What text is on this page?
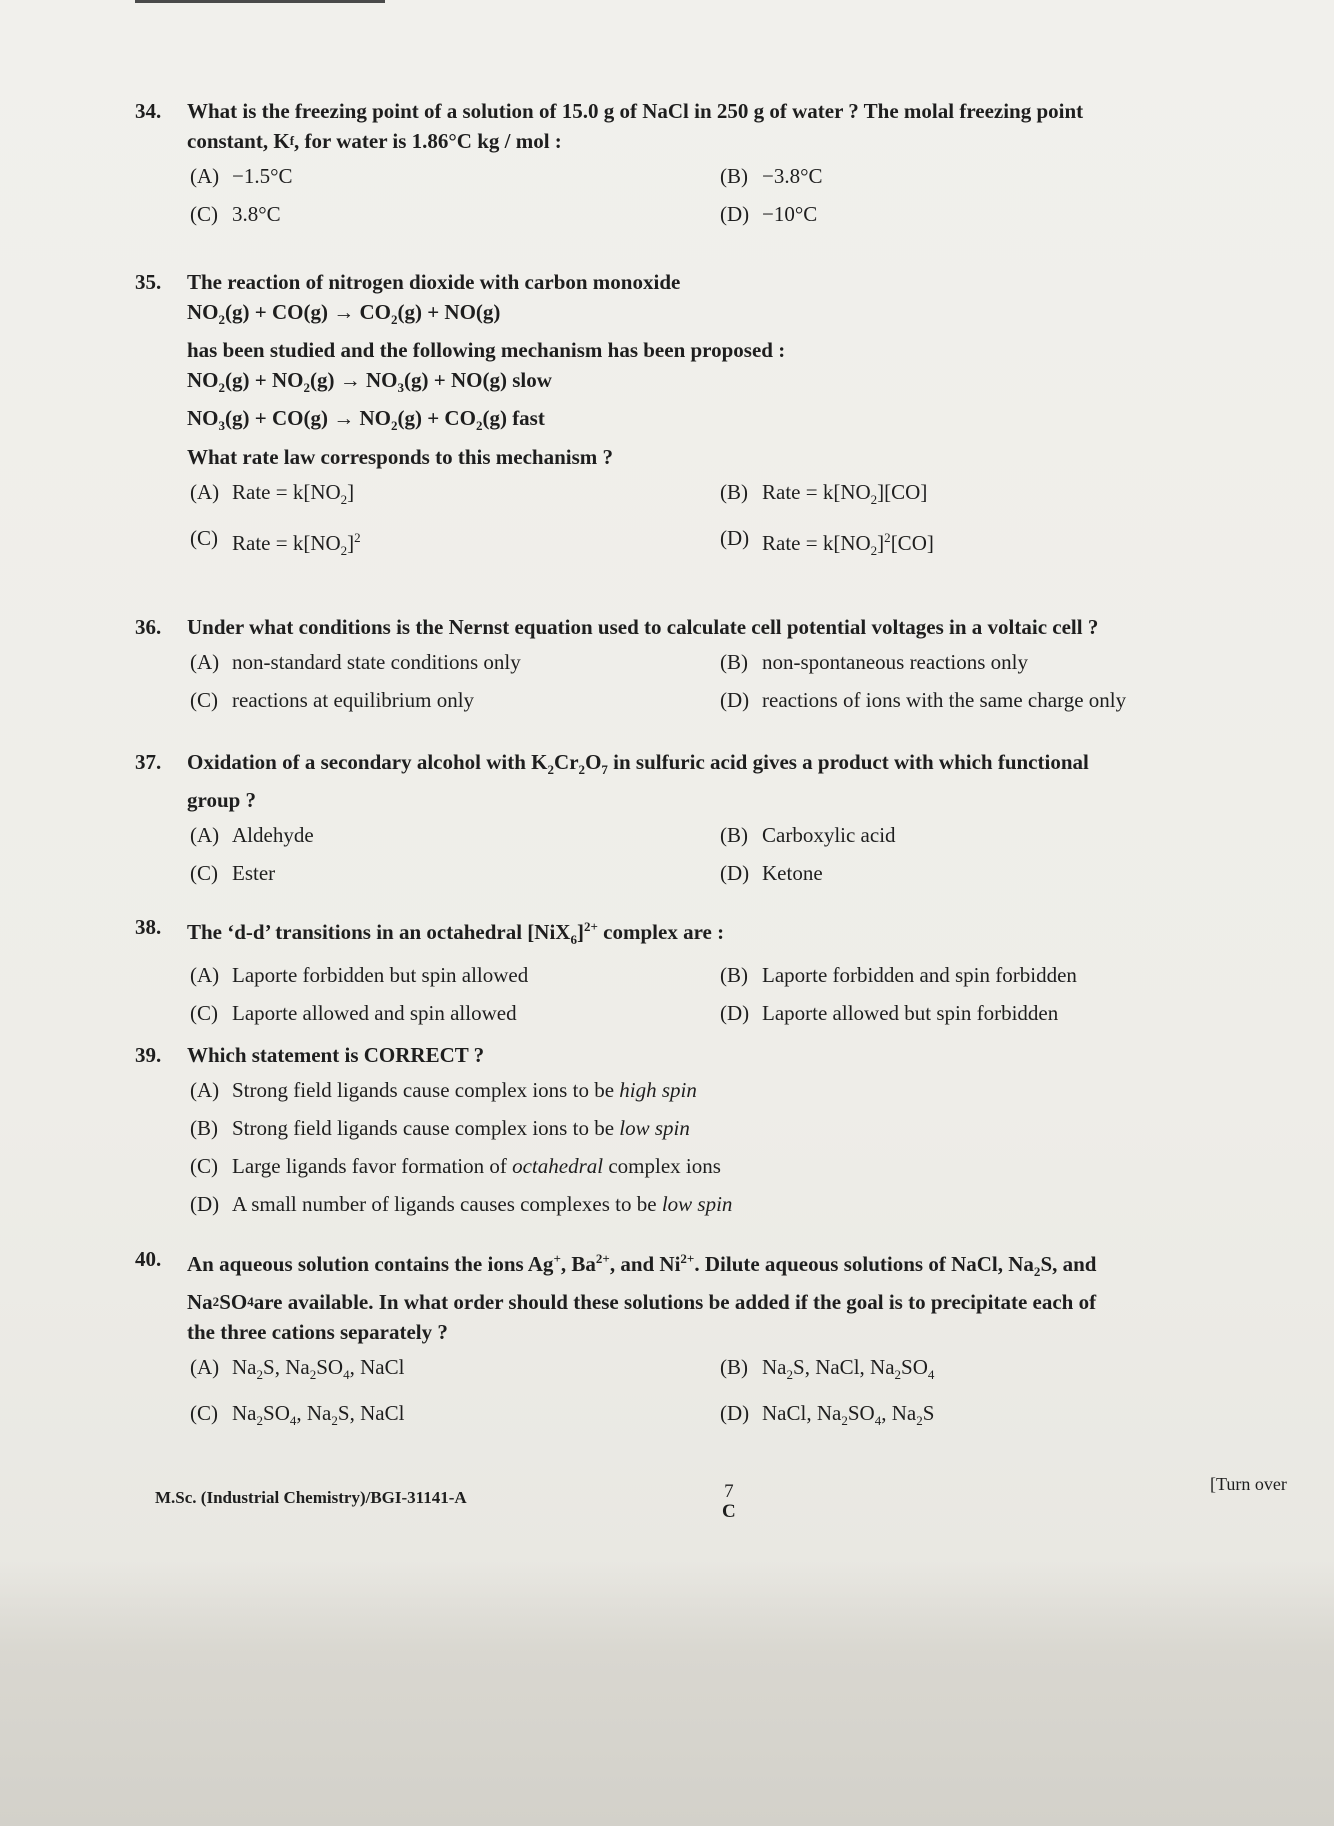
34.	What is the freezing point of a solution of 15.0 g of NaCl in 250 g of water ? The molal freezing point
constant, K f , for water is 1.86°C kg / mol :
(A) −1.5°C	(B) −3.8°C
(C) 3.8°C	(D) −10°C
35.	The reaction of nitrogen dioxide with carbon monoxide
$NO_2(g) + CO(g) \to CO_2(g) + NO(g)$
has been studied and the following mechanism has been proposed :
$NO_2(g) + NO_2(g) \to NO_3(g) + NO(g)$ slow
$NO_3(g) + CO(g) \to NO_2(g) + CO_2(g)$ fast
What rate law corresponds to this mechanism ?
(A) Rate = $k[NO_2]$	(B) Rate = $k[NO_2][CO]$
(C) Rate = $k[NO_2]^2$	(D) Rate = $k[NO_2]^2[CO]$
36.	Under what conditions is the Nernst equation used to calculate cell potential voltages in a voltaic cell ?
(A) non-standard state conditions only	(B) non-spontaneous reactions only
(C) reactions at equilibrium only	(D) reactions of ions with the same charge only
37.	Oxidation of a secondary alcohol with $K_2Cr_2O_7$ in sulfuric acid gives a product with which functional
group ?
(A) Aldehyde	(B) Carboxylic acid
(C) Ester	(D) Ketone
38.	The ‘d-d’ transitions in an octahedral $[NiX_6]^{2+}$ complex are :
(A) Laporte forbidden but spin allowed	(B) Laporte forbidden and spin forbidden
(C) Laporte allowed and spin allowed	(D) Laporte allowed but spin forbidden
39.	Which statement is CORRECT ?
(A) Strong field ligands cause complex ions to be high spin
(B) Strong field ligands cause complex ions to be low spin
(C) Large ligands favor formation of octahedral complex ions
(D) A small number of ligands causes complexes to be low spin
40.	An aqueous solution contains the ions Ag+, $Ba^{2+}$, and $Ni^{2+}$. Dilute aqueous solutions of NaCl, $Na_2S$, and
Na 2 SO 4 are available. In what order should these solutions be added if the goal is to precipitate each of
the three cations separately ?
(A) $Na_2S$, $Na_2SO_4$, NaCl	(B) $Na_2S$, NaCl, $Na_2SO_4$
(C) $Na_2SO_4$, $Na_2S$, NaCl	(D) NaCl, $Na_2SO_4$, $Na_2S$
M.Sc. (Industrial Chemistry)/BGI-31141-A	7
C
[Turn over
